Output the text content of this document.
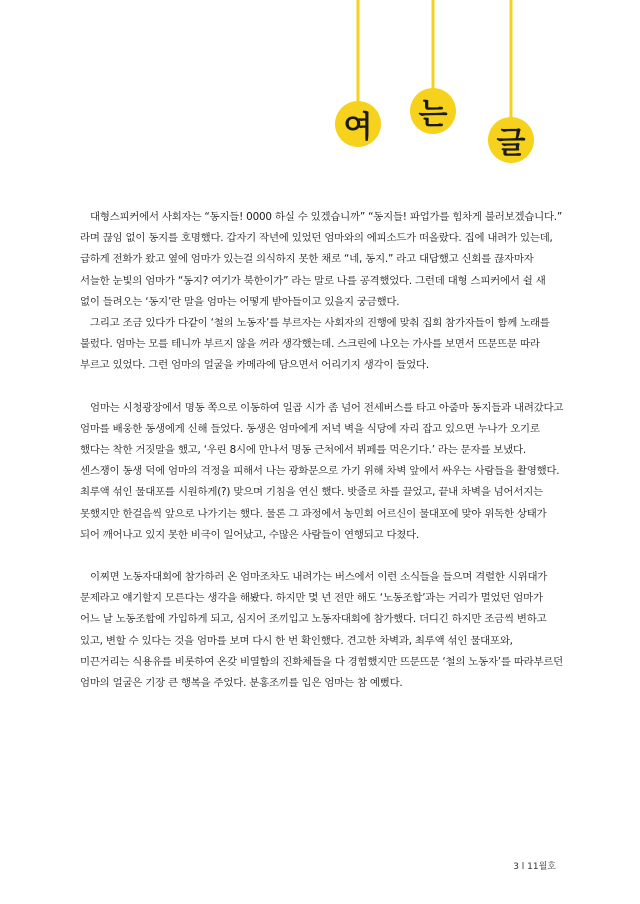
여 는
글

대형스피커에서 사회자는 “동지들! 0000 하실 수 있겠습니까” “동지들! 파업가를 힘차게 불러보겠습니다.” 라며 끊임 없이 동지를 호명했다. 갑자기 작년에 있었던 엄마와의 에피소드가 떠올랐다. 집에 내려가 있는데, 급하게 전화가 왔고 옆에 엄마가 있는걸 의식하지 못한 채로 “네, 동지.” 라고 대답했고 신회를 끊자마자 서늘한 눈빛의 엄마가 “동지? 여기가 북한이가” 라는 말로 나를 공격했었다. 그런데 대형 스피커에서 쉴 새 없이 들려오는 ‘동지’란 말을 엄마는 어떻게 받아들이고 있을지 궁금했다.

그리고 조금 있다가 다같이 ‘철의 노동자’를 부르자는 사회자의 진행에 맞춰 집회 참가자들이 함께 노래를 불렀다. 엄마는 모를 테니까 부르지 않을 꺼라 생각했는데. 스크린에 나오는 가사를 보면서 뜨문뜨문 따라 부르고 있었다. 그런 엄마의 얼굴을 카메라에 담으면서 어리기지 생각이 들었다.

엄마는 시청광장에서 명동 쪽으로 이동하여 일곱 시가 좀 넘어 전세버스를 타고 아줌마 동지들과 내려갔다고 엄마를 배웅한 동생에게 신해 들었다. 동생은 엄마에게 저녁 벽을 식당에 자리 잡고 있으면 누나가 오기로 했다는 착한 거짓말을 했고, ‘우린 8시에 만나서 명동 근처에서 뷔페를 먹은기다.’ 라는 문자를 보냈다. 센스쟁이 동생 덕에 엄마의 걱정을 피해서 나는 광화문으로 가기 위해 차벽 앞에서 싸우는 사람들을 촬영했다. 최루액 섞인 물대포를 시원하게(?) 맞으며 기침을 연신 했다. 밧줄로 차를 끌었고, 끝내 차벽을 넘어서지는 못했지만 한걸음씩 앞으로 나가기는 했다. 물론 그 과정에서 농민회 어르신이 물대포에 맞아 위독한 상태가 되어 깨어나고 있지 못한 비극이 일어났고, 수많은 사람들이 연행되고 다쳤다.

이찌면 노동자대회에 참가하러 온 엄마조차도 내려가는 버스에서 이런 소식들을 들으며 격렬한 시위대가 문제라고 얘기할지 모른다는 생각을 해봤다. 하지만 몇 년 전만 해도 ‘노동조합’과는 거리가 멀었던 엄마가 어느 날 노동조합에 가입하게 되고, 심지어 조끼입고 노동자대회에 참가했다. 더디긴 하지만 조금씩 변하고 있고, 변할 수 있다는 것을 엄마를 보며 다시 한 번 확인했다. 견고한 차벽과, 최루액 섞인 물대포와, 미끈거리는 식용유를 비롯하여 온갖 비열함의 진화체들을 다 경험했지만 뜨문뜨문 ‘철의 노동자’를 따라부르던 엄마의 얼굴은 기장 큰 행복을 주었다. 분홍조끼를 입은 엄마는 참 예뻤다.

3 l 11월호
